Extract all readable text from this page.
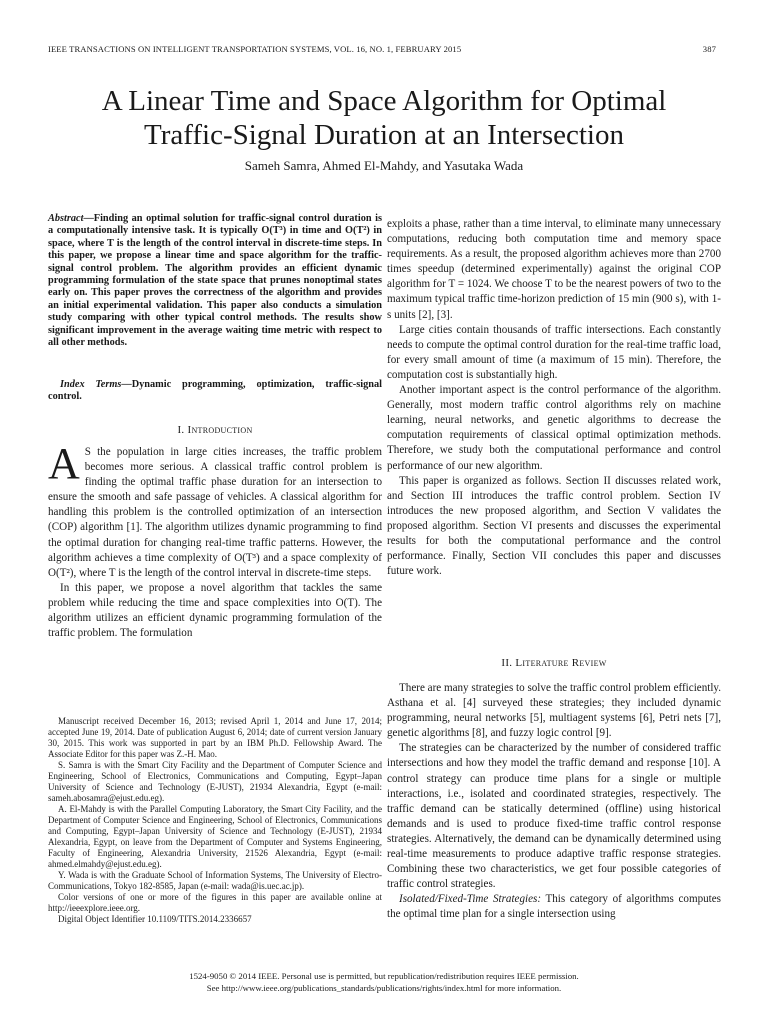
IEEE TRANSACTIONS ON INTELLIGENT TRANSPORTATION SYSTEMS, VOL. 16, NO. 1, FEBRUARY 2015	387
A Linear Time and Space Algorithm for Optimal
Traffic-Signal Duration at an Intersection
Sameh Samra, Ahmed El-Mahdy, and Yasutaka Wada

Abstract—Finding an optimal solution for traffic-signal control duration is a computationally intensive task. It is typically O(T³) in time and O(T²) in space, where T is the length of the control interval in discrete-time steps. In this paper, we propose a linear time and space algorithm for the traffic-signal control problem. The algorithm provides an efficient dynamic programming formulation of the state space that prunes nonoptimal states early on. This paper proves the correctness of the algorithm and provides an initial experimental validation. This paper also conducts a simulation study comparing with other typical control methods. The results show significant improvement in the average waiting time metric with respect to all other methods.

Index Terms—Dynamic programming, optimization, traffic-signal control.

I. Introduction

A S the population in large cities increases, the traffic problem becomes more serious. A classical traffic control problem is finding the optimal traffic phase duration for an intersection to ensure the smooth and safe passage of vehicles. A classical algorithm for handling this problem is the controlled optimization of an intersection (COP) algorithm [1]. The algorithm utilizes dynamic programming to find the optimal duration for changing real-time traffic patterns. However, the algorithm achieves a time complexity of O(T³) and a space complexity of O(T²), where T is the length of the control interval in discrete-time steps.

In this paper, we propose a novel algorithm that tackles the same problem while reducing the time and space complexities into O(T). The algorithm utilizes an efficient dynamic programming formulation of the traffic problem. The formulation

Manuscript received December 16, 2013; revised April 1, 2014 and June 17, 2014; accepted June 19, 2014. Date of publication August 6, 2014; date of current version January 30, 2015. This work was supported in part by an IBM Ph.D. Fellowship Award. The Associate Editor for this paper was Z.-H. Mao.

S. Samra is with the Smart City Facility and the Department of Computer Science and Engineering, School of Electronics, Communications and Computing, Egypt–Japan University of Science and Technology (E-JUST), 21934 Alexandria, Egypt (e-mail: sameh.abosamra@ejust.edu.eg).

A. El-Mahdy is with the Parallel Computing Laboratory, the Smart City Facility, and the Department of Computer Science and Engineering, School of Electronics, Communications and Computing, Egypt–Japan University of Science and Technology (E-JUST), 21934 Alexandria, Egypt, on leave from the Department of Computer and Systems Engineering, Faculty of Engineering, Alexandria University, 21526 Alexandria, Egypt (e-mail: ahmed.elmahdy@ejust.edu.eg).

Y. Wada is with the Graduate School of Information Systems, The University of Electro-Communications, Tokyo 182-8585, Japan (e-mail: wada@is.uec.ac.jp).

Color versions of one or more of the figures in this paper are available online at http://ieeexplore.ieee.org.

Digital Object Identifier 10.1109/TITS.2014.2336657

exploits a phase, rather than a time interval, to eliminate many unnecessary computations, reducing both computation time and memory space requirements. As a result, the proposed algorithm achieves more than 2700 times speedup (determined experimentally) against the original COP algorithm for T = 1024. We choose T to be the nearest powers of two to the maximum typical traffic time-horizon prediction of 15 min (900 s), with 1-s units [2], [3].

Large cities contain thousands of traffic intersections. Each constantly needs to compute the optimal control duration for the real-time traffic load, for every small amount of time (a maximum of 15 min). Therefore, the computation cost is substantially high.

Another important aspect is the control performance of the algorithm. Generally, most modern traffic control algorithms rely on machine learning, neural networks, and genetic algorithms to decrease the computation requirements of classical optimal optimization methods. Therefore, we study both the computational performance and control performance of our new algorithm.

This paper is organized as follows. Section II discusses related work, and Section III introduces the traffic control problem. Section IV introduces the new proposed algorithm, and Section V validates the proposed algorithm. Section VI presents and discusses the experimental results for both the computational performance and the control performance. Finally, Section VII concludes this paper and discusses future work.

II. Literature Review

There are many strategies to solve the traffic control problem efficiently. Asthana et al. [4] surveyed these strategies; they included dynamic programming, neural networks [5], multiagent systems [6], Petri nets [7], genetic algorithms [8], and fuzzy logic control [9].

The strategies can be characterized by the number of considered traffic intersections and how they model the traffic demand and response [10]. A control strategy can produce time plans for a single or multiple interactions, i.e., isolated and coordinated strategies, respectively. The traffic demand can be statically determined (offline) using historical demands and is used to produce fixed-time traffic control response strategies. Alternatively, the demand can be dynamically determined using real-time measurements to produce adaptive traffic response strategies. Combining these two characteristics, we get four possible categories of traffic control strategies.

Isolated/Fixed-Time Strategies: This category of algorithms computes the optimal time plan for a single intersection using

1524-9050 © 2014 IEEE. Personal use is permitted, but republication/redistribution requires IEEE permission.
See http://www.ieee.org/publications_standards/publications/rights/index.html for more information.
